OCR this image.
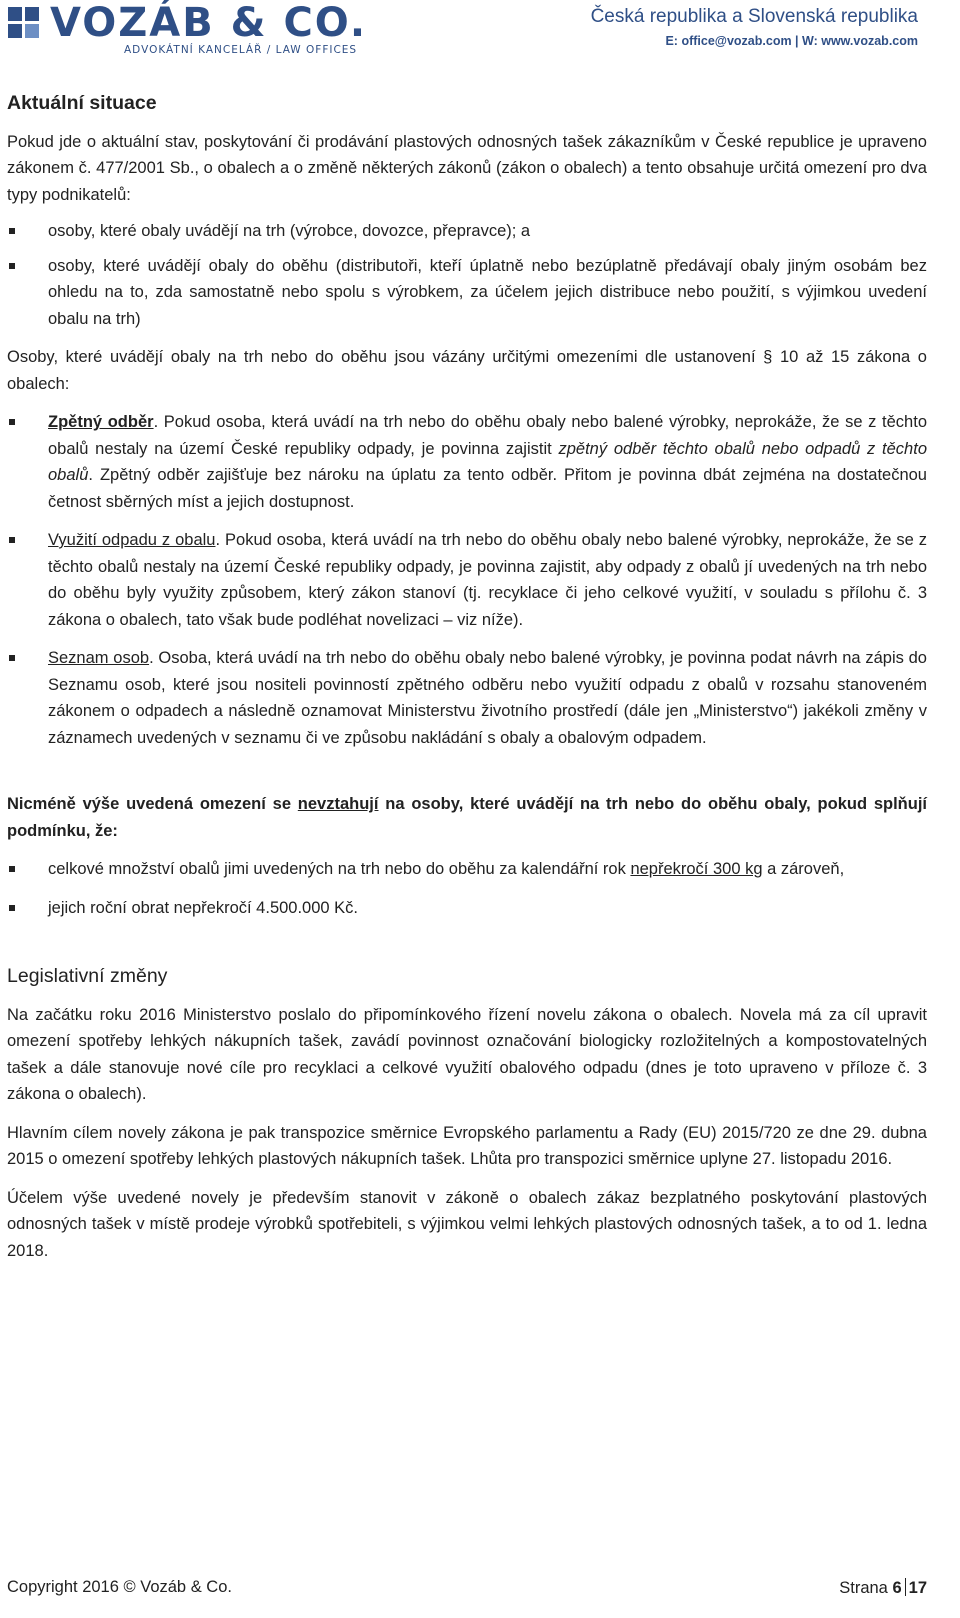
VOZÁB & CO.
ADVOKÁTNÍ KANCELÁŘ / LAW OFFICES
Česká republika a Slovenská republika
E: office@vozab.com | W: www.vozab.com
Aktuální situace

Pokud jde o aktuální stav, poskytování či prodávání plastových odnosných tašek zákazníkům v České republice je upraveno zákonem č. 477/2001 Sb., o obalech a o změně některých zákonů (zákon o obalech) a tento obsahuje určitá omezení pro dva typy podnikatelů:

osoby, které obaly uvádějí na trh (výrobce, dovozce, přepravce); a
osoby, které uvádějí obaly do oběhu (distributoři, kteří úplatně nebo bezúplatně předávají obaly jiným osobám bez ohledu na to, zda samostatně nebo spolu s výrobkem, za účelem jejich distribuce nebo použití, s výjimkou uvedení obalu na trh)

Osoby, které uvádějí obaly na trh nebo do oběhu jsou vázány určitými omezeními dle ustanovení § 10 až 15 zákona o obalech:

Zpětný odběr. Pokud osoba, která uvádí na trh nebo do oběhu obaly nebo balené výrobky, neprokáže, že se z těchto obalů nestaly na území České republiky odpady, je povinna zajistit zpětný odběr těchto obalů nebo odpadů z těchto obalů. Zpětný odběr zajišťuje bez nároku na úplatu za tento odběr. Přitom je povinna dbát zejména na dostatečnou četnost sběrných míst a jejich dostupnost.
Využití odpadu z obalu. Pokud osoba, která uvádí na trh nebo do oběhu obaly nebo balené výrobky, neprokáže, že se z těchto obalů nestaly na území České republiky odpady, je povinna zajistit, aby odpady z obalů jí uvedených na trh nebo do oběhu byly využity způsobem, který zákon stanoví (tj. recyklace či jeho celkové využití, v souladu s přílohu č. 3 zákona o obalech, tato však bude podléhat novelizaci – viz níže).
Seznam osob. Osoba, která uvádí na trh nebo do oběhu obaly nebo balené výrobky, je povinna podat návrh na zápis do Seznamu osob, které jsou nositeli povinností zpětného odběru nebo využití odpadu z obalů v rozsahu stanoveném zákonem o odpadech a následně oznamovat Ministerstvu životního prostředí (dále jen „Ministerstvo“) jakékoli změny v záznamech uvedených v seznamu či ve způsobu nakládání s obaly a obalovým odpadem.

Nicméně výše uvedená omezení se nevztahují na osoby, které uvádějí na trh nebo do oběhu obaly, pokud splňují podmínku, že:

celkové množství obalů jimi uvedených na trh nebo do oběhu za kalendářní rok nepřekročí 300 kg a zároveň,
jejich roční obrat nepřekročí 4.500.000 Kč.
Legislativní změny

Na začátku roku 2016 Ministerstvo poslalo do připomínkového řízení novelu zákona o obalech. Novela má za cíl upravit omezení spotřeby lehkých nákupních tašek, zavádí povinnost označování biologicky rozložitelných a kompostovatelných tašek a dále stanovuje nové cíle pro recyklaci a celkové využití obalového odpadu (dnes je toto upraveno v příloze č. 3 zákona o obalech).

Hlavním cílem novely zákona je pak transpozice směrnice Evropského parlamentu a Rady (EU) 2015/720 ze dne 29. dubna 2015 o omezení spotřeby lehkých plastových nákupních tašek. Lhůta pro transpozici směrnice uplyne 27. listopadu 2016.

Účelem výše uvedené novely je především stanovit v zákoně o obalech zákaz bezplatného poskytování plastových odnosných tašek v místě prodeje výrobků spotřebiteli, s výjimkou velmi lehkých plastových odnosných tašek, a to od 1. ledna 2018.

Copyright 2016 © Vozáb & Co.	Strana 6 17
